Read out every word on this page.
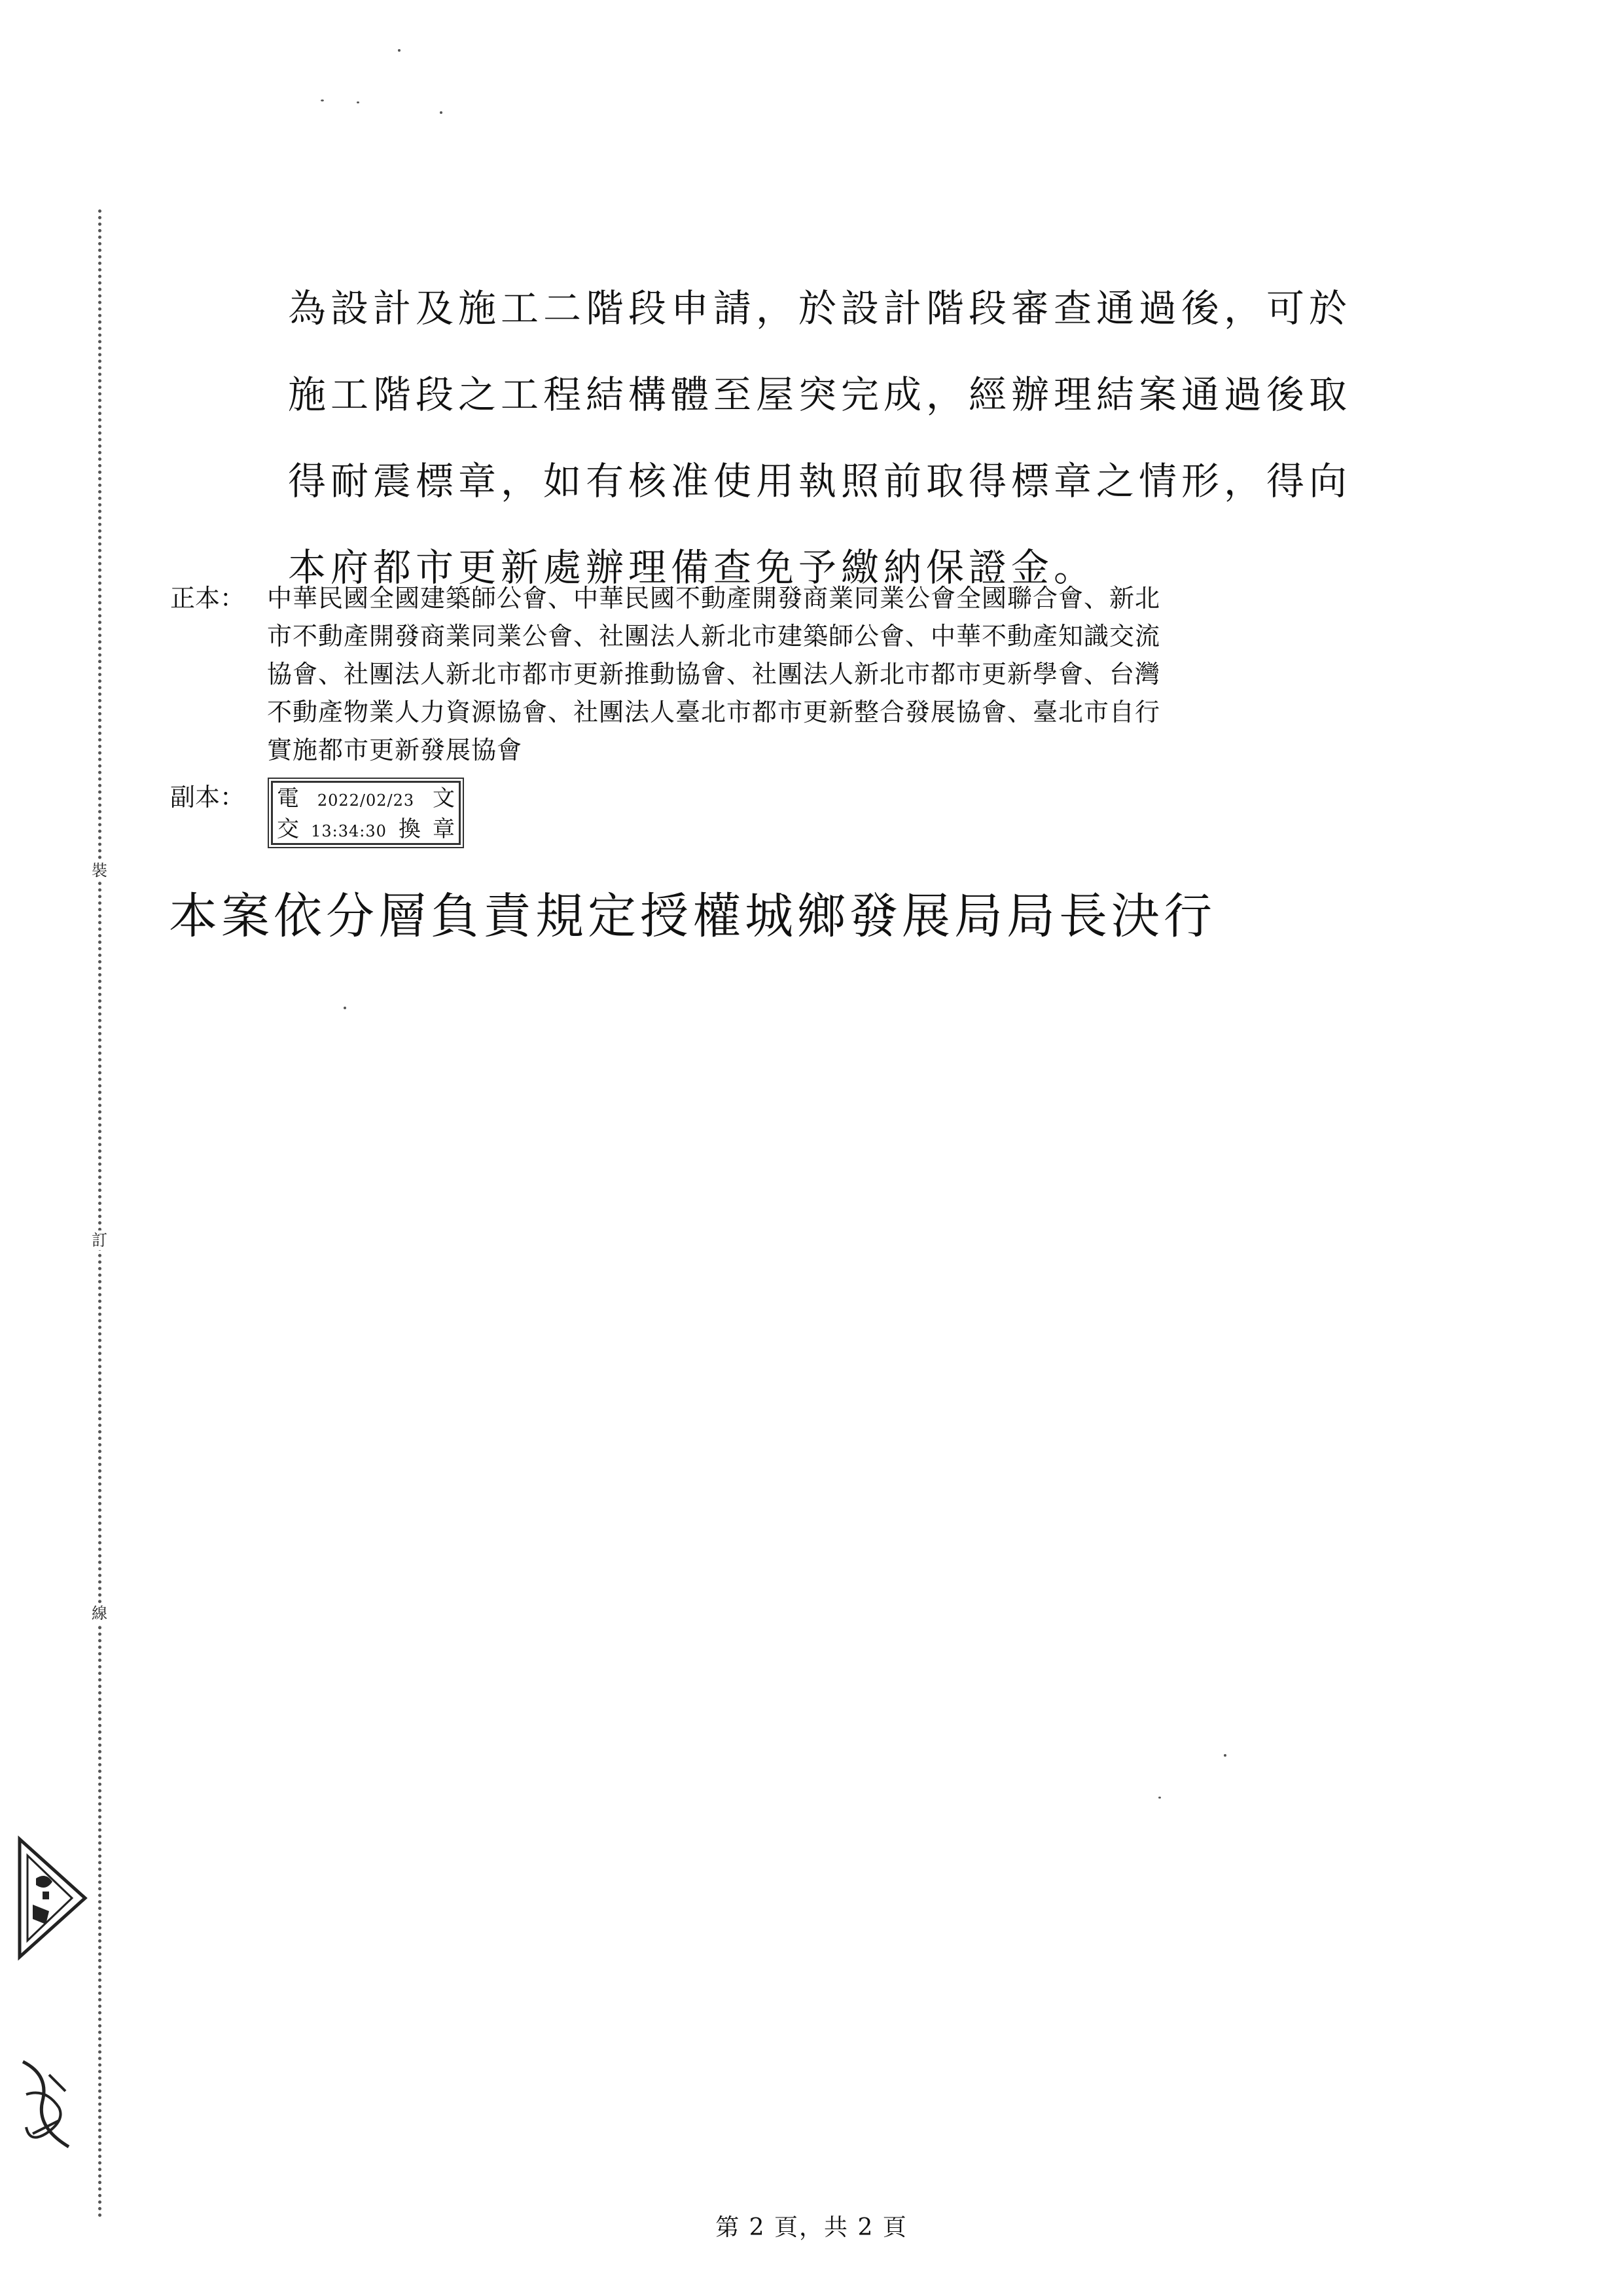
裝
訂
線
為設計及施工二階段申請，於設計階段審查通過後，可於
施工階段之工程結構體至屋突完成，經辦理結案通過後取
得耐震標章，如有核准使用執照前取得標章之情形，得向
本府都市更新處辦理備查免予繳納保證金。
正本： 中華民國全國建築師公會、中華民國不動產開發商業同業公會全國聯合會、新北
市不動產開發商業同業公會、社團法人新北市建築師公會、中華不動產知識交流
協會、社團法人新北市都市更新推動協會、社團法人新北市都市更新學會、台灣
不動產物業人力資源協會、社團法人臺北市都市更新整合發展協會、臺北市自行
實施都市更新發展協會
副本：	電 2022/02/23 文
交 13:34:30 換 章
本案依分層負責規定授權城鄉發展局局長決行
第 2 頁，共 2 頁
